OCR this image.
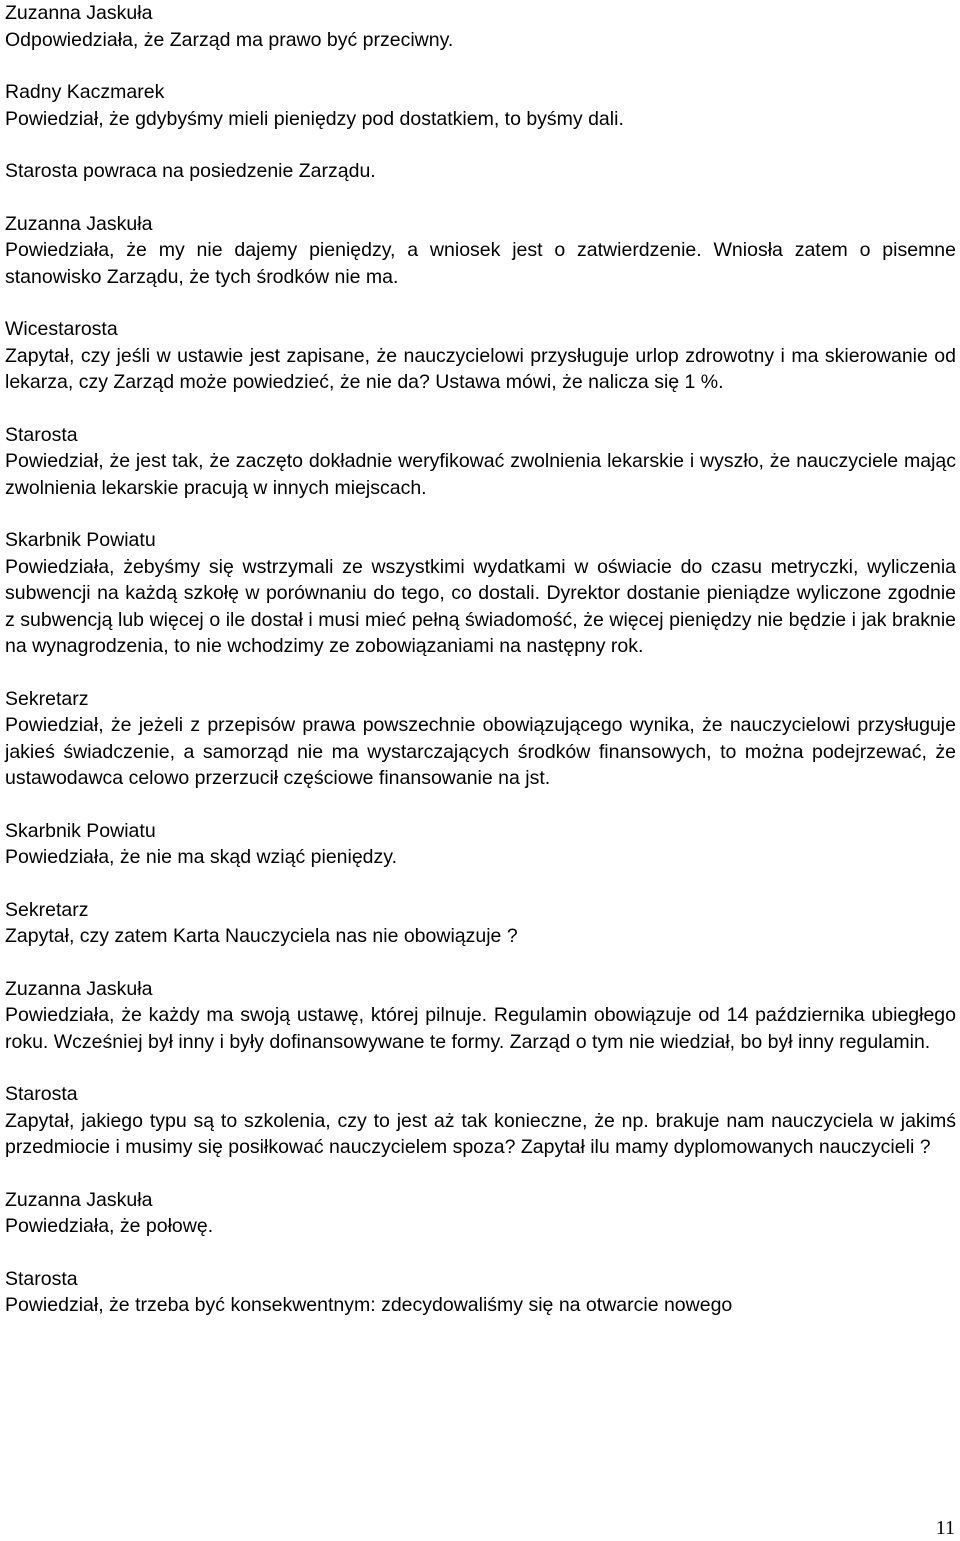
Zuzanna Jaskuła

Odpowiedziała, że Zarząd ma prawo być przeciwny.

Radny Kaczmarek

Powiedział, że gdybyśmy mieli pieniędzy pod dostatkiem, to byśmy dali.

Starosta powraca na posiedzenie Zarządu.

Zuzanna Jaskuła

Powiedziała, że my nie dajemy pieniędzy, a wniosek jest o zatwierdzenie. Wniosła zatem o pisemne stanowisko Zarządu, że tych środków nie ma.

Wicestarosta

Zapytał, czy jeśli w ustawie jest zapisane, że nauczycielowi przysługuje urlop zdrowotny i ma skierowanie od lekarza, czy Zarząd może powiedzieć, że nie da? Ustawa mówi, że nalicza się 1 %.

Starosta

Powiedział, że jest tak, że zaczęto dokładnie weryfikować zwolnienia lekarskie i wyszło, że nauczyciele mając zwolnienia lekarskie pracują w innych miejscach.

Skarbnik Powiatu

Powiedziała, żebyśmy się wstrzymali ze wszystkimi wydatkami w oświacie do czasu metryczki, wyliczenia subwencji na każdą szkołę w porównaniu do tego, co dostali. Dyrektor dostanie pieniądze wyliczone zgodnie z subwencją lub więcej o ile dostał i musi mieć pełną świadomość, że więcej pieniędzy nie będzie i jak braknie na wynagrodzenia, to nie wchodzimy ze zobowiązaniami na następny rok.

Sekretarz

Powiedział, że jeżeli z przepisów prawa powszechnie obowiązującego wynika, że nauczycielowi przysługuje jakieś świadczenie, a samorząd nie ma wystarczających środków finansowych, to można podejrzewać, że ustawodawca celowo przerzucił częściowe finansowanie na jst.

Skarbnik Powiatu

Powiedziała, że nie ma skąd wziąć pieniędzy.

Sekretarz

Zapytał, czy zatem Karta Nauczyciela nas nie obowiązuje ?

Zuzanna Jaskuła

Powiedziała, że każdy ma swoją ustawę, której pilnuje. Regulamin obowiązuje od 14 października ubiegłego roku. Wcześniej był inny i były dofinansowywane te formy. Zarząd o tym nie wiedział, bo był inny regulamin.

Starosta

Zapytał, jakiego typu są to szkolenia, czy to jest aż tak konieczne, że np. brakuje nam nauczyciela w jakimś przedmiocie i musimy się posiłkować nauczycielem spoza? Zapytał ilu mamy dyplomowanych nauczycieli ?

Zuzanna Jaskuła

Powiedziała, że połowę.

Starosta

Powiedział, że trzeba być konsekwentnym: zdecydowaliśmy się na otwarcie nowego

11
